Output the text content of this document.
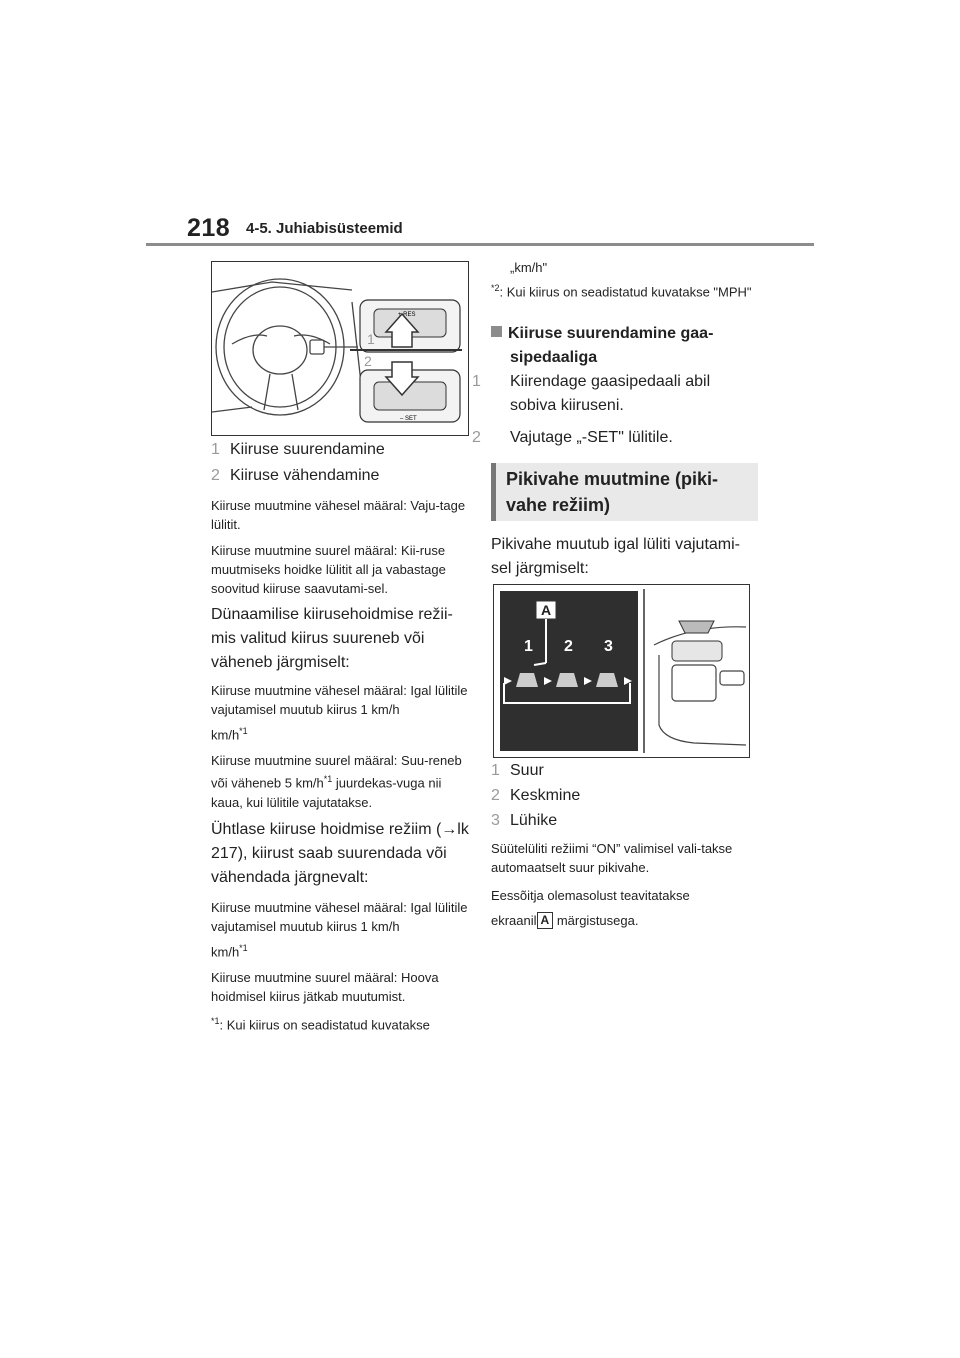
218 4-5. Juhiabisüsteemid
+ RES
1
– SET
2
1 Kiiruse suurendamine
2 Kiiruse vähendamine

Kiiruse muutmine vähesel määral: Vaju-tage lülitit.

Kiiruse muutmine suurel määral: Kii-ruse muutmiseks hoidke lülitit all ja vabastage soovitud kiiruse saavutami-sel.

Dünaamilise kiirusehoidmise režii-mis valitud kiirus suureneb või väheneb järgmiselt:

Kiiruse muutmine vähesel määral: Igal lülitile vajutamisel muutub kiirus 1 km/h

$km/h^{*1}$

Kiiruse muutmine suurel määral: Suu-reneb või väheneb 5 $km/h^{*1}$ juurdekas-vuga nii kaua, kui lülitile vajutatakse.

Ühtlase kiiruse hoidmise režiim (→lk 217), kiirust saab suurendada või vähendada järgnevalt:

Kiiruse muutmine vähesel määral: Igal lülitile vajutamisel muutub kiirus 1 km/h

$km/h^{*1}$

Kiiruse muutmine suurel määral: Hoova hoidmisel kiirus jätkab muutumist.

$^{*1}$: Kui kiirus on seadistatud kuvatakse

„km/h"
$^{*2}$: Kui kiirus on seadistatud kuvatakse "MPH"
Kiiruse suurendamine gaa-sipedaaliga
1 Kiirendage gaasipedaali abil sobiva kiiruseni.
2 Vajutage „-SET" lülitile.
Pikivahe muutmine (piki-vahe režiim)

Pikivahe muutub igal lüliti vajutami-sel järgmiselt:

A
1 2 3
1 Suur
2 Keskmine
3 Lühike

Süütelüliti režiimi “ON” valimisel vali-takse automaatselt suur pikivahe.

Eessõitja olemasolust teavitatakse

ekraanil A märgistusega.
